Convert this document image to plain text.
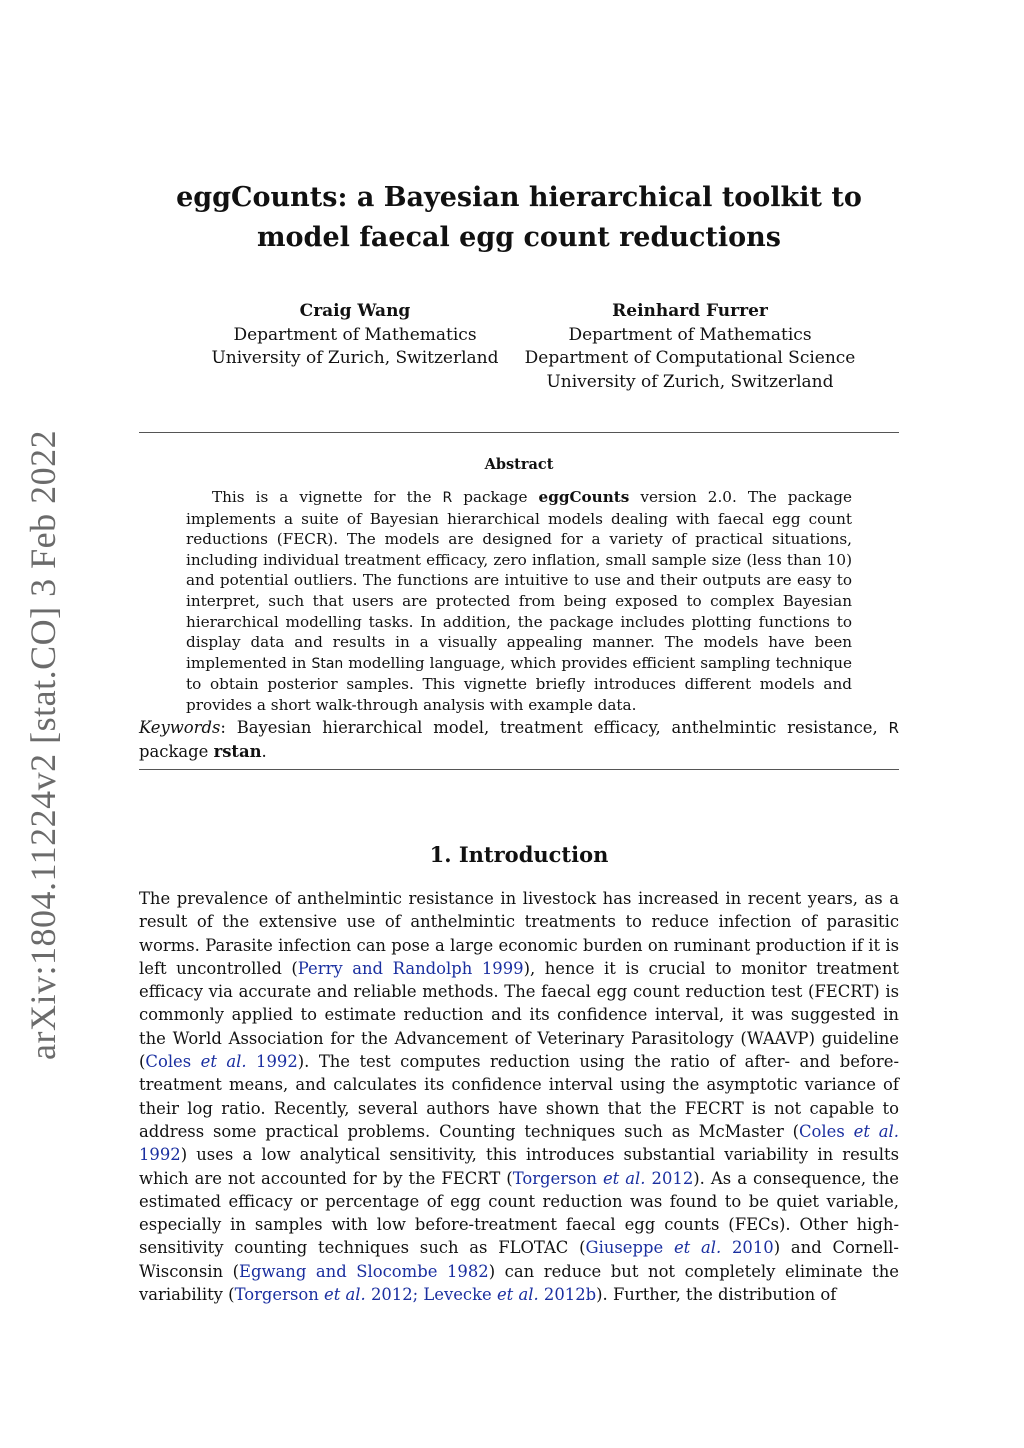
arXiv:1804.11224v2 [stat.CO] 3 Feb 2022
eggCounts: a Bayesian hierarchical toolkit to model faecal egg count reductions
Craig Wang
Department of Mathematics
University of Zurich, Switzerland
Reinhard Furrer
Department of Mathematics
Department of Computational Science
University of Zurich, Switzerland
Abstract

This is a vignette for the R package eggCounts version 2.0. The package implements a suite of Bayesian hierarchical models dealing with faecal egg count reductions (FECR). The models are designed for a variety of practical situations, including individual treatment efficacy, zero inflation, small sample size (less than 10) and potential outliers. The functions are intuitive to use and their outputs are easy to interpret, such that users are protected from being exposed to complex Bayesian hierarchical modelling tasks. In addition, the package includes plotting functions to display data and results in a visually appealing manner. The models have been implemented in Stan modelling language, which provides efficient sampling technique to obtain posterior samples. This vignette briefly introduces different models and provides a short walk-through analysis with example data.

Keywords: Bayesian hierarchical model, treatment efficacy, anthelmintic resistance, R package rstan.

1. Introduction

The prevalence of anthelmintic resistance in livestock has increased in recent years, as a result of the extensive use of anthelmintic treatments to reduce infection of parasitic worms. Parasite infection can pose a large economic burden on ruminant production if it is left uncontrolled (Perry and Randolph 1999), hence it is crucial to monitor treatment efficacy via accurate and reliable methods. The faecal egg count reduction test (FECRT) is commonly applied to estimate reduction and its confidence interval, it was suggested in the World Association for the Advancement of Veterinary Parasitology (WAAVP) guideline (Coles et al. 1992). The test computes reduction using the ratio of after- and before-treatment means, and calculates its confidence interval using the asymptotic variance of their log ratio. Recently, several authors have shown that the FECRT is not capable to address some practical problems. Counting techniques such as McMaster (Coles et al. 1992) uses a low analytical sensitivity, this introduces substantial variability in results which are not accounted for by the FECRT (Torgerson et al. 2012). As a consequence, the estimated efficacy or percentage of egg count reduction was found to be quiet variable, especially in samples with low before-treatment faecal egg counts (FECs). Other high-sensitivity counting techniques such as FLOTAC (Giuseppe et al. 2010) and Cornell-Wisconsin (Egwang and Slocombe 1982) can reduce but not completely eliminate the variability (Torgerson et al. 2012; Levecke et al. 2012b). Further, the distribution of
